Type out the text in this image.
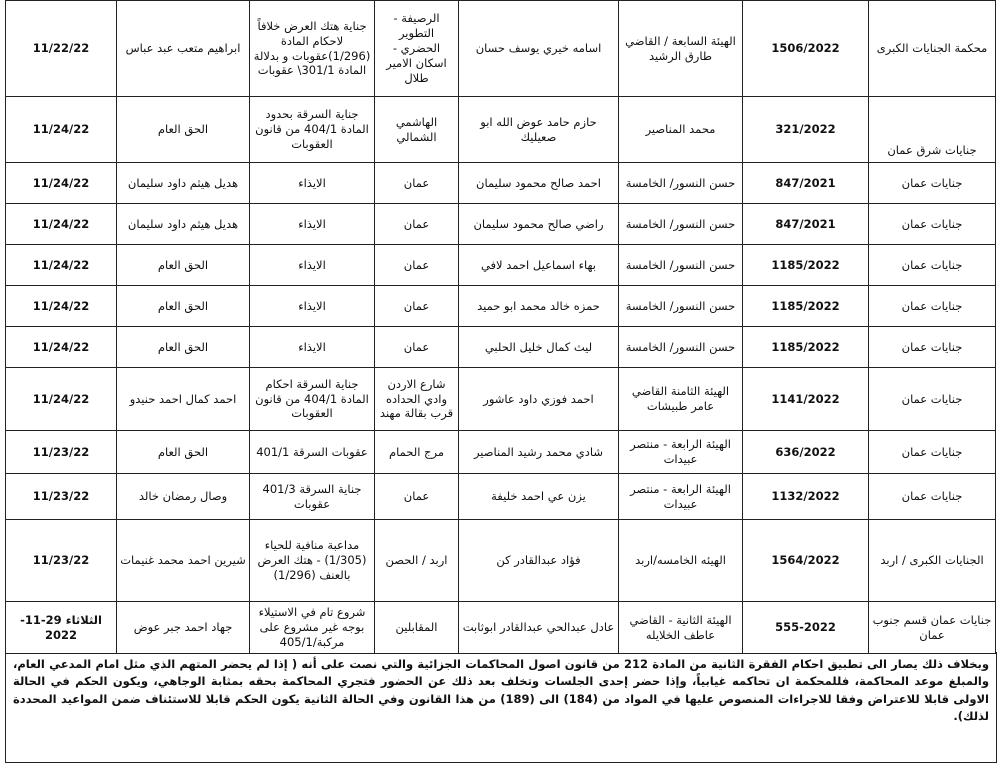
11/22/22	ابراهيم متعب عبد عباس	جناية هتك العرض خلافاً لاحكام المادة (1/296)عقوبات و بدلالة المادة 301/1\ عقوبات	الرصيفة - التطوير الحضري - اسكان الامير طلال	اسامه خيري يوسف حسان	الهيئة السابعة / القاضي طارق الرشيد	1506/2022	محكمة الجنايات الكبرى
11/24/22	الحق العام	جناية السرقة بحدود المادة 404/1 من قانون العقوبات	الهاشمي الشمالي	حازم حامد عوض الله ابو صعيليك	محمد المناصير	321/2022	جنايات شرق عمان
11/24/22	هديل هيثم داود سليمان	الايذاء	عمان	احمد صالح محمود سليمان	حسن النسور/ الخامسة	847/2021	جنايات عمان
11/24/22	هديل هيثم داود سليمان	الايذاء	عمان	راضي صالح محمود سليمان	حسن النسور/ الخامسة	847/2021	جنايات عمان
11/24/22	الحق العام	الايذاء	عمان	بهاء اسماعيل احمد لافي	حسن النسور/ الخامسة	1185/2022	جنايات عمان
11/24/22	الحق العام	الايذاء	عمان	حمزه خالد محمد ابو حميد	حسن النسور/ الخامسة	1185/2022	جنايات عمان
11/24/22	الحق العام	الايذاء	عمان	ليث كمال خليل الحلبي	حسن النسور/ الخامسة	1185/2022	جنايات عمان
11/24/22	احمد كمال احمد حنيدو	جناية السرقة احكام المادة 404/1 من قانون العقوبات	شارع الاردن وادي الحداده قرب بقالة مهند	احمد فوزي داود عاشور	الهيئة الثامنة القاضي عامر طبيشات	1141/2022	جنايات عمان
11/23/22	الحق العام	عقوبات السرقة 401/1	مرج الحمام	شادي محمد رشيد المناصير	الهيئة الرابعة - منتصر عبيدات	636/2022	جنايات عمان
11/23/22	وصال رمضان خالد	جناية السرقة 401/3 عقوبات	عمان	يزن عي احمد خليفة	الهيئة الرابعة - منتصر عبيدات	1132/2022	جنايات عمان
11/23/22	شيرين احمد محمد غنيمات	مداعبة منافية للحياء (1/305) - هتك العرض بالعنف (1/296)	اربد / الحصن	فؤاد عبدالقادر كن	الهيئه الخامسه/اربد	1564/2022	الجنايات الكبرى / اربد
الثلاثاء 29-11-2022	جهاد احمد جبر عوض	شروع تام في الاستيلاء بوجه غير مشروع على مركبة/405/1	المقابلين	عادل عبدالحي عبدالقادر ابوثابت	الهيئة الثانية - القاضي عاطف الخلايله	555-2022	جنايات عمان قسم جنوب عمان
وبخلاف ذلك يصار الى تطبيق احكام الفقرة الثانية من المادة 212 من قانون اصول المحاكمات الجزائية والتي نصت على أنه ( إذا لم يحضر المتهم الذي مثل امام المدعي العام، والمبلغ موعد المحاكمة، فللمحكمة ان تحاكمه غيابياً، وإذا حضر إحدى الجلسات وتخلف بعد ذلك عن الحضور فتجري المحاكمة بحقه بمثابة الوجاهي، ويكون الحكم في الحالة الاولى قابلا للاعتراض وفقا للاجراءات المنصوص عليها في المواد من (184) الى (189) من هذا القانون وفي الحالة الثانية يكون الحكم قابلا للاستئناف ضمن المواعيد المحددة لذلك).
